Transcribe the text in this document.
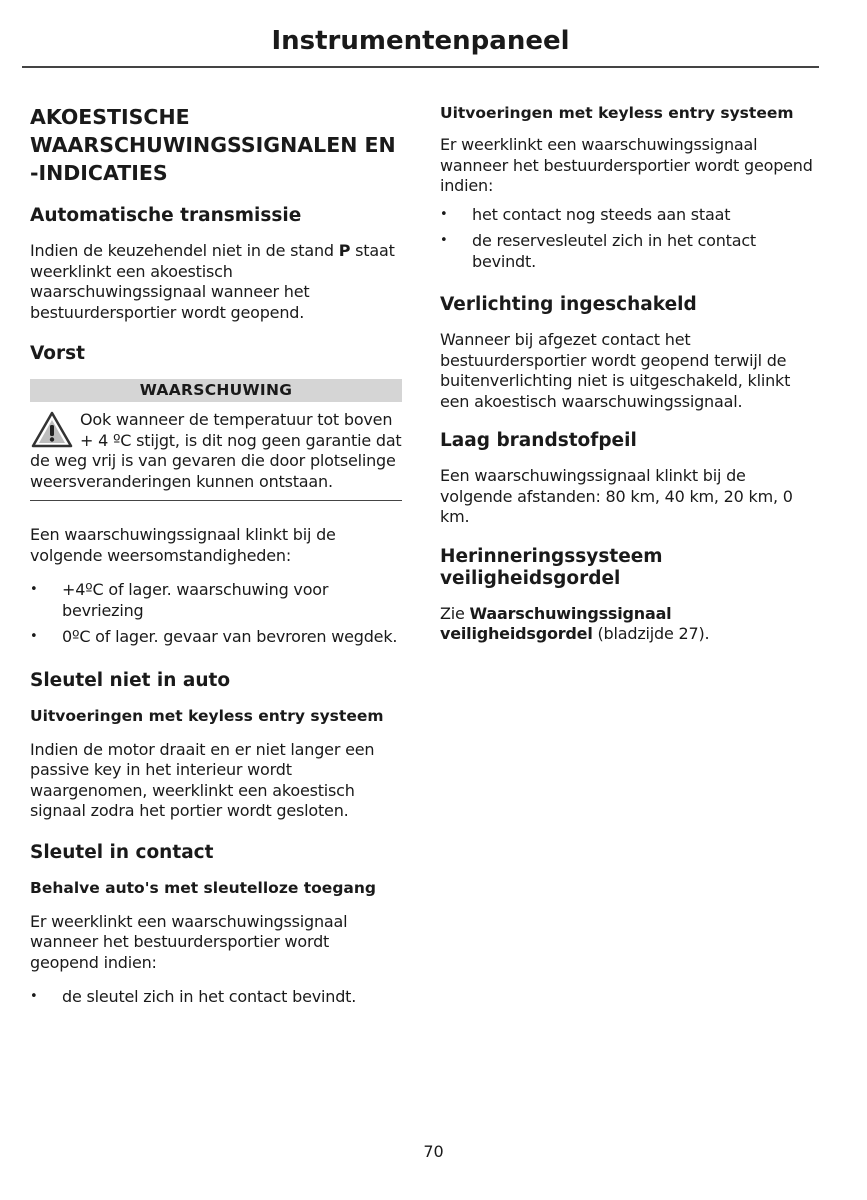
Instrumentenpaneel
AKOESTISCHE WAARSCHUWINGSSIGNALEN EN -INDICATIES
Automatische transmissie

Indien de keuzehendel niet in de stand P staat weerklinkt een akoestisch waarschuwingssignaal wanneer het bestuurdersportier wordt geopend.

Vorst
WAARSCHUWING

Ook wanneer de temperatuur tot boven + 4 ºC stijgt, is dit nog geen garantie dat de weg vrij is van gevaren die door plotselinge weersveranderingen kunnen ontstaan.

Een waarschuwingssignaal klinkt bij de volgende weersomstandigheden:

• +4ºC of lager. waarschuwing voor bevriezing
• 0ºC of lager. gevaar van bevroren wegdek.
Sleutel niet in auto
Uitvoeringen met keyless entry systeem

Indien de motor draait en er niet langer een passive key in het interieur wordt waargenomen, weerklinkt een akoestisch signaal zodra het portier wordt gesloten.

Sleutel in contact
Behalve auto's met sleutelloze toegang

Er weerklinkt een waarschuwingssignaal wanneer het bestuurdersportier wordt geopend indien:

• de sleutel zich in het contact bevindt.
Uitvoeringen met keyless entry systeem

Er weerklinkt een waarschuwingssignaal wanneer het bestuurdersportier wordt geopend indien:

• het contact nog steeds aan staat
• de reservesleutel zich in het contact bevindt.
Verlichting ingeschakeld

Wanneer bij afgezet contact het bestuurdersportier wordt geopend terwijl de buitenverlichting niet is uitgeschakeld, klinkt een akoestisch waarschuwingssignaal.

Laag brandstofpeil

Een waarschuwingssignaal klinkt bij de volgende afstanden: 80 km, 40 km, 20 km, 0 km.

Herinneringssysteem veiligheidsgordel

Zie Waarschuwingssignaal veiligheidsgordel (bladzijde 27).

70
